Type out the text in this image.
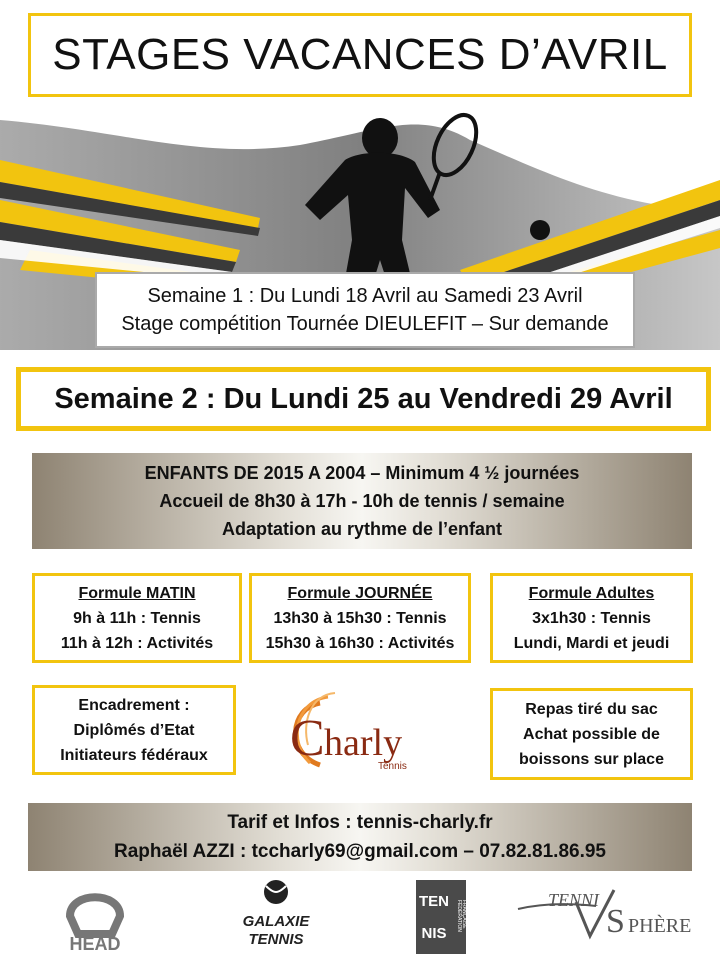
STAGES VACANCES D’AVRIL
Semaine 1 : Du Lundi 18 Avril au Samedi 23 Avril
Stage compétition Tournée DIEULEFIT – Sur demande
Semaine 2 : Du Lundi 25 au Vendredi 29 Avril
ENFANTS DE 2015 A 2004 – Minimum 4 ½ journées
Accueil de 8h30 à 17h - 10h de tennis / semaine
Adaptation au rythme de l’enfant
Formule MATIN
9h à 11h : Tennis
11h à 12h : Activités
Formule JOURNÉE
13h30 à 15h30 : Tennis
15h30 à 16h30 : Activités
Formule Adultes
3x1h30 : Tennis
Lundi, Mardi et jeudi
Encadrement :
Diplômés d’Etat
Initiateurs fédéraux C harly
Tennis
Repas tiré du sac
Achat possible de
boissons sur place
Tarif et Infos : tennis-charly.fr
Raphaël AZZI : tccharly69@gmail.com – 07.82.81.86.95
HEAD
GALAXIE
TENNIS
TEN
NIS
FÉDÉRATION FRANÇAISE	TENNI
S PHÈRE
